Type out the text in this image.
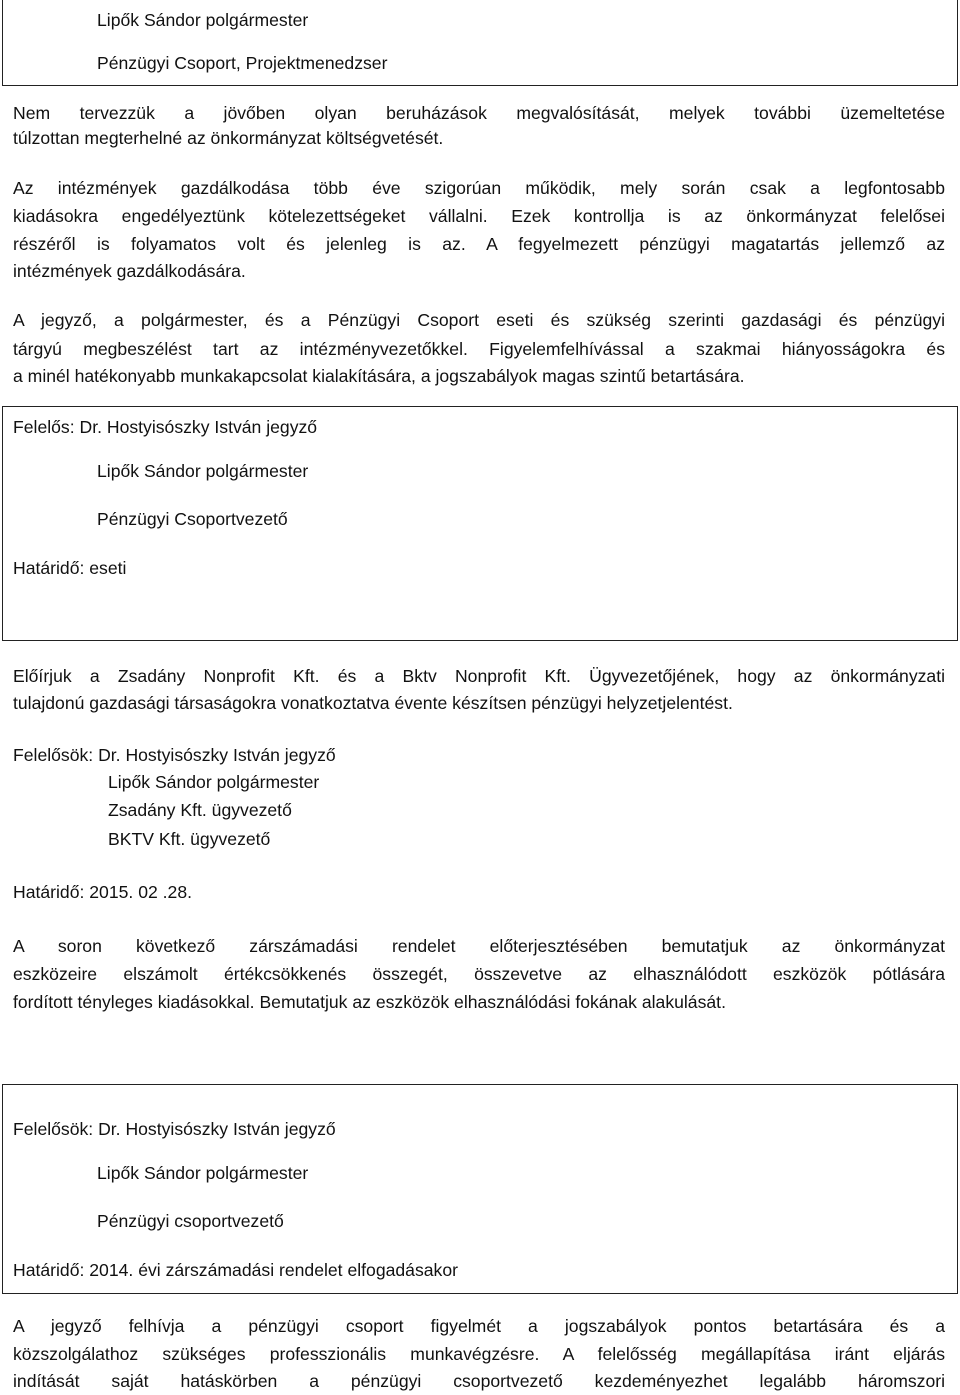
Lipők Sándor polgármester
Pénzügyi Csoport, Projektmenedzser
Nem tervezzük a jövőben olyan beruházások megvalósítását, melyek további üzemeltetése
túlzottan megterhelné az önkormányzat költségvetését.
Az intézmények gazdálkodása több éve szigorúan működik, mely során csak a legfontosabb
kiadásokra engedélyeztünk kötelezettségeket vállalni. Ezek kontrollja is az önkormányzat felelősei
részéről is folyamatos volt és jelenleg is az. A fegyelmezett pénzügyi magatartás jellemző az
intézmények gazdálkodására.
A jegyző, a polgármester, és a Pénzügyi Csoport eseti és szükség szerinti gazdasági és pénzügyi
tárgyú megbeszélést tart az intézményvezetőkkel. Figyelemfelhívással a szakmai hiányosságokra és
a minél hatékonyabb munkakapcsolat kialakítására, a jogszabályok magas szintű betartására.
Felelős: Dr. Hostyisószky István jegyző
Lipők Sándor polgármester
Pénzügyi Csoportvezető
Határidő: eseti
Előírjuk a Zsadány Nonprofit Kft. és a Bktv Nonprofit Kft. Ügyvezetőjének, hogy az önkormányzati
tulajdonú gazdasági társaságokra vonatkoztatva évente készítsen pénzügyi helyzetjelentést.
Felelősök: Dr. Hostyisószky István jegyző
Lipők Sándor polgármester
Zsadány Kft. ügyvezető
BKTV Kft. ügyvezető
Határidő: 2015. 02 .28.
A soron következő zárszámadási rendelet előterjesztésében bemutatjuk az önkormányzat
eszközeire elszámolt értékcsökkenés összegét, összevetve az elhasználódott eszközök pótlására
fordított tényleges kiadásokkal. Bemutatjuk az eszközök elhasználódási fokának alakulását.
Felelősök: Dr. Hostyisószky István jegyző
Lipők Sándor polgármester
Pénzügyi csoportvezető
Határidő: 2014. évi zárszámadási rendelet elfogadásakor
A jegyző felhívja a pénzügyi csoport figyelmét a jogszabályok pontos betartására és a
közszolgálathoz szükséges professzionális munkavégzésre. A felelősség megállapítása iránt eljárás
indítását saját hatáskörben a pénzügyi csoportvezető kezdeményezhet legalább háromszori
